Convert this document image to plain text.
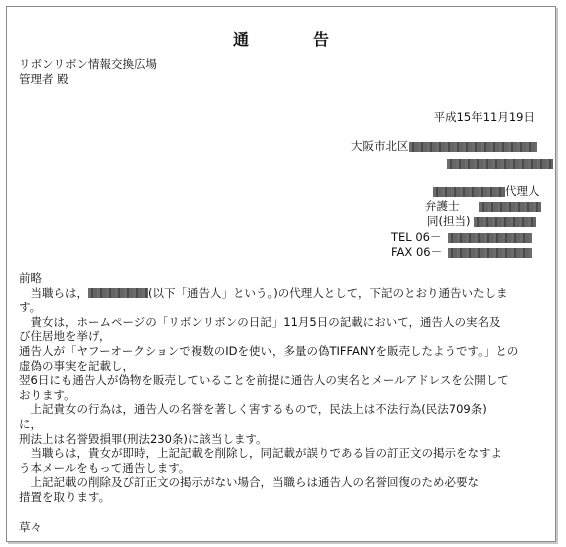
通　告
リボンリボン情報交換広場
管理者 殿
平成15年11月19日
大阪市北区
代理人
弁護士
同(担当)
TEL 06－
FAX 06－

前略

　当職らは，	(以下「通告人」という。)の代理人として，下記のとおり通告いたしま

す。

　貴女は，ホームページの「リボンリボンの日記」11月5日の記載において，通告人の実名及

び住居地を挙げ，

通告人が「ヤフーオークションで複数のIDを使い，多量の偽TIFFANYを販売したようです。」との

虚偽の事実を記載し，

翌6日にも通告人が偽物を販売していることを前提に通告人の実名とメールアドレスを公開して

おります。

　上記貴女の行為は，通告人の名誉を著しく害するもので，民法上は不法行為(民法709条)

に，

刑法上は名誉毀損罪(刑法230条)に該当します。

　当職らは，貴女が即時，上記記載を削除し，同記載が誤りである旨の訂正文の掲示をなすよ

う本メールをもって通告します。

　上記記載の削除及び訂正文の掲示がない場合，当職らは通告人の名誉回復のため必要な

措置を取ります。

草々
